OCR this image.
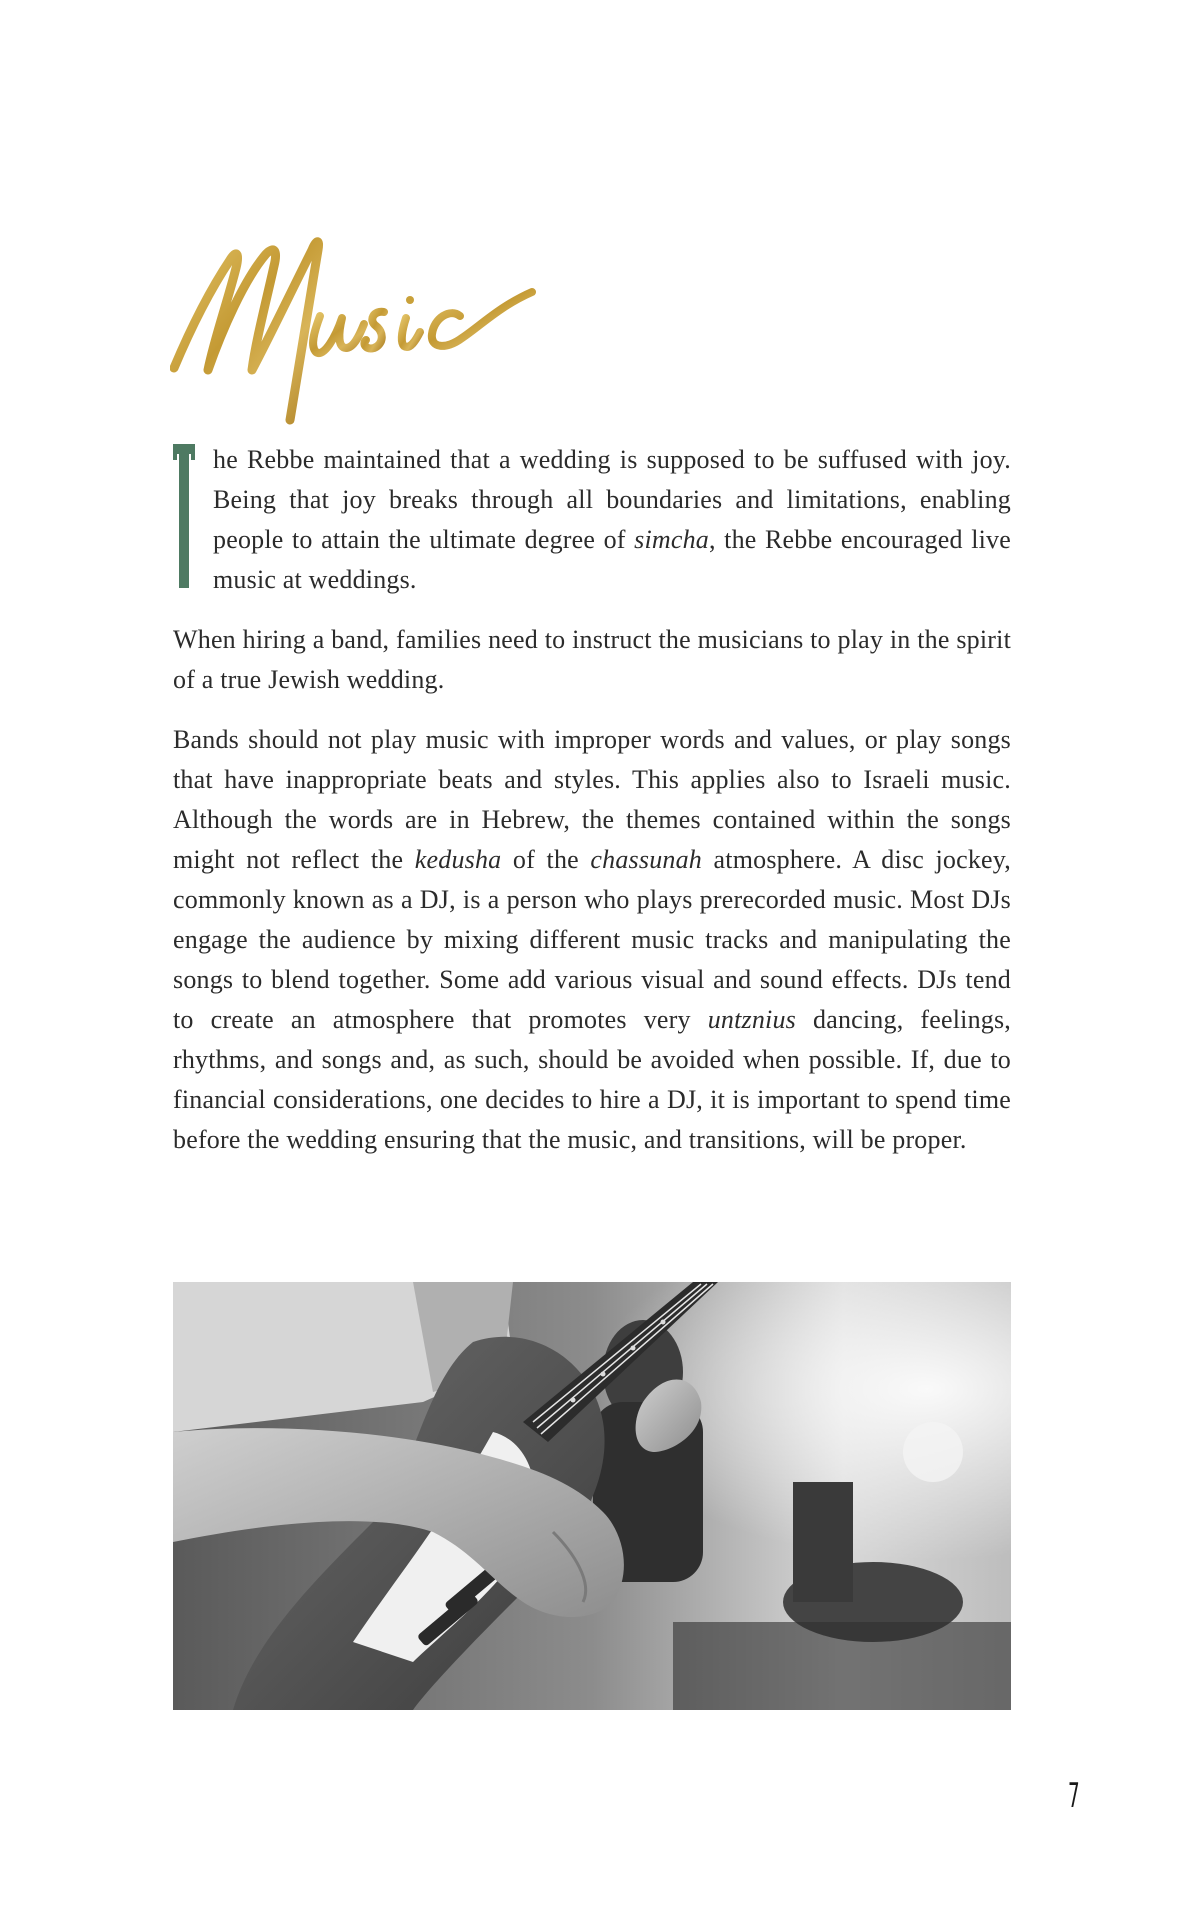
he Rebbe maintained that a wedding is supposed to be suffused with joy. Being that joy breaks through all boundaries and limitations, enabling people to attain the ultimate degree of simcha, the Rebbe encouraged live music at weddings.

When hiring a band, families need to instruct the musicians to play in the spirit of a true Jewish wedding.

Bands should not play music with improper words and values, or play songs that have inappropriate beats and styles. This applies also to Israeli music. Although the words are in Hebrew, the themes contained within the songs might not reflect the kedusha of the chassunah atmosphere. A disc jockey, commonly known as a DJ, is a person who plays prerecorded music. Most DJs engage the audience by mixing different music tracks and manipulating the songs to blend together. Some add various visual and sound effects. DJs tend to create an atmosphere that promotes very untznius dancing, feelings, rhythms, and songs and, as such, should be avoided when possible. If, due to financial considerations, one decides to hire a DJ, it is important to spend time before the wedding ensuring that the music, and transitions, will be proper.

7
